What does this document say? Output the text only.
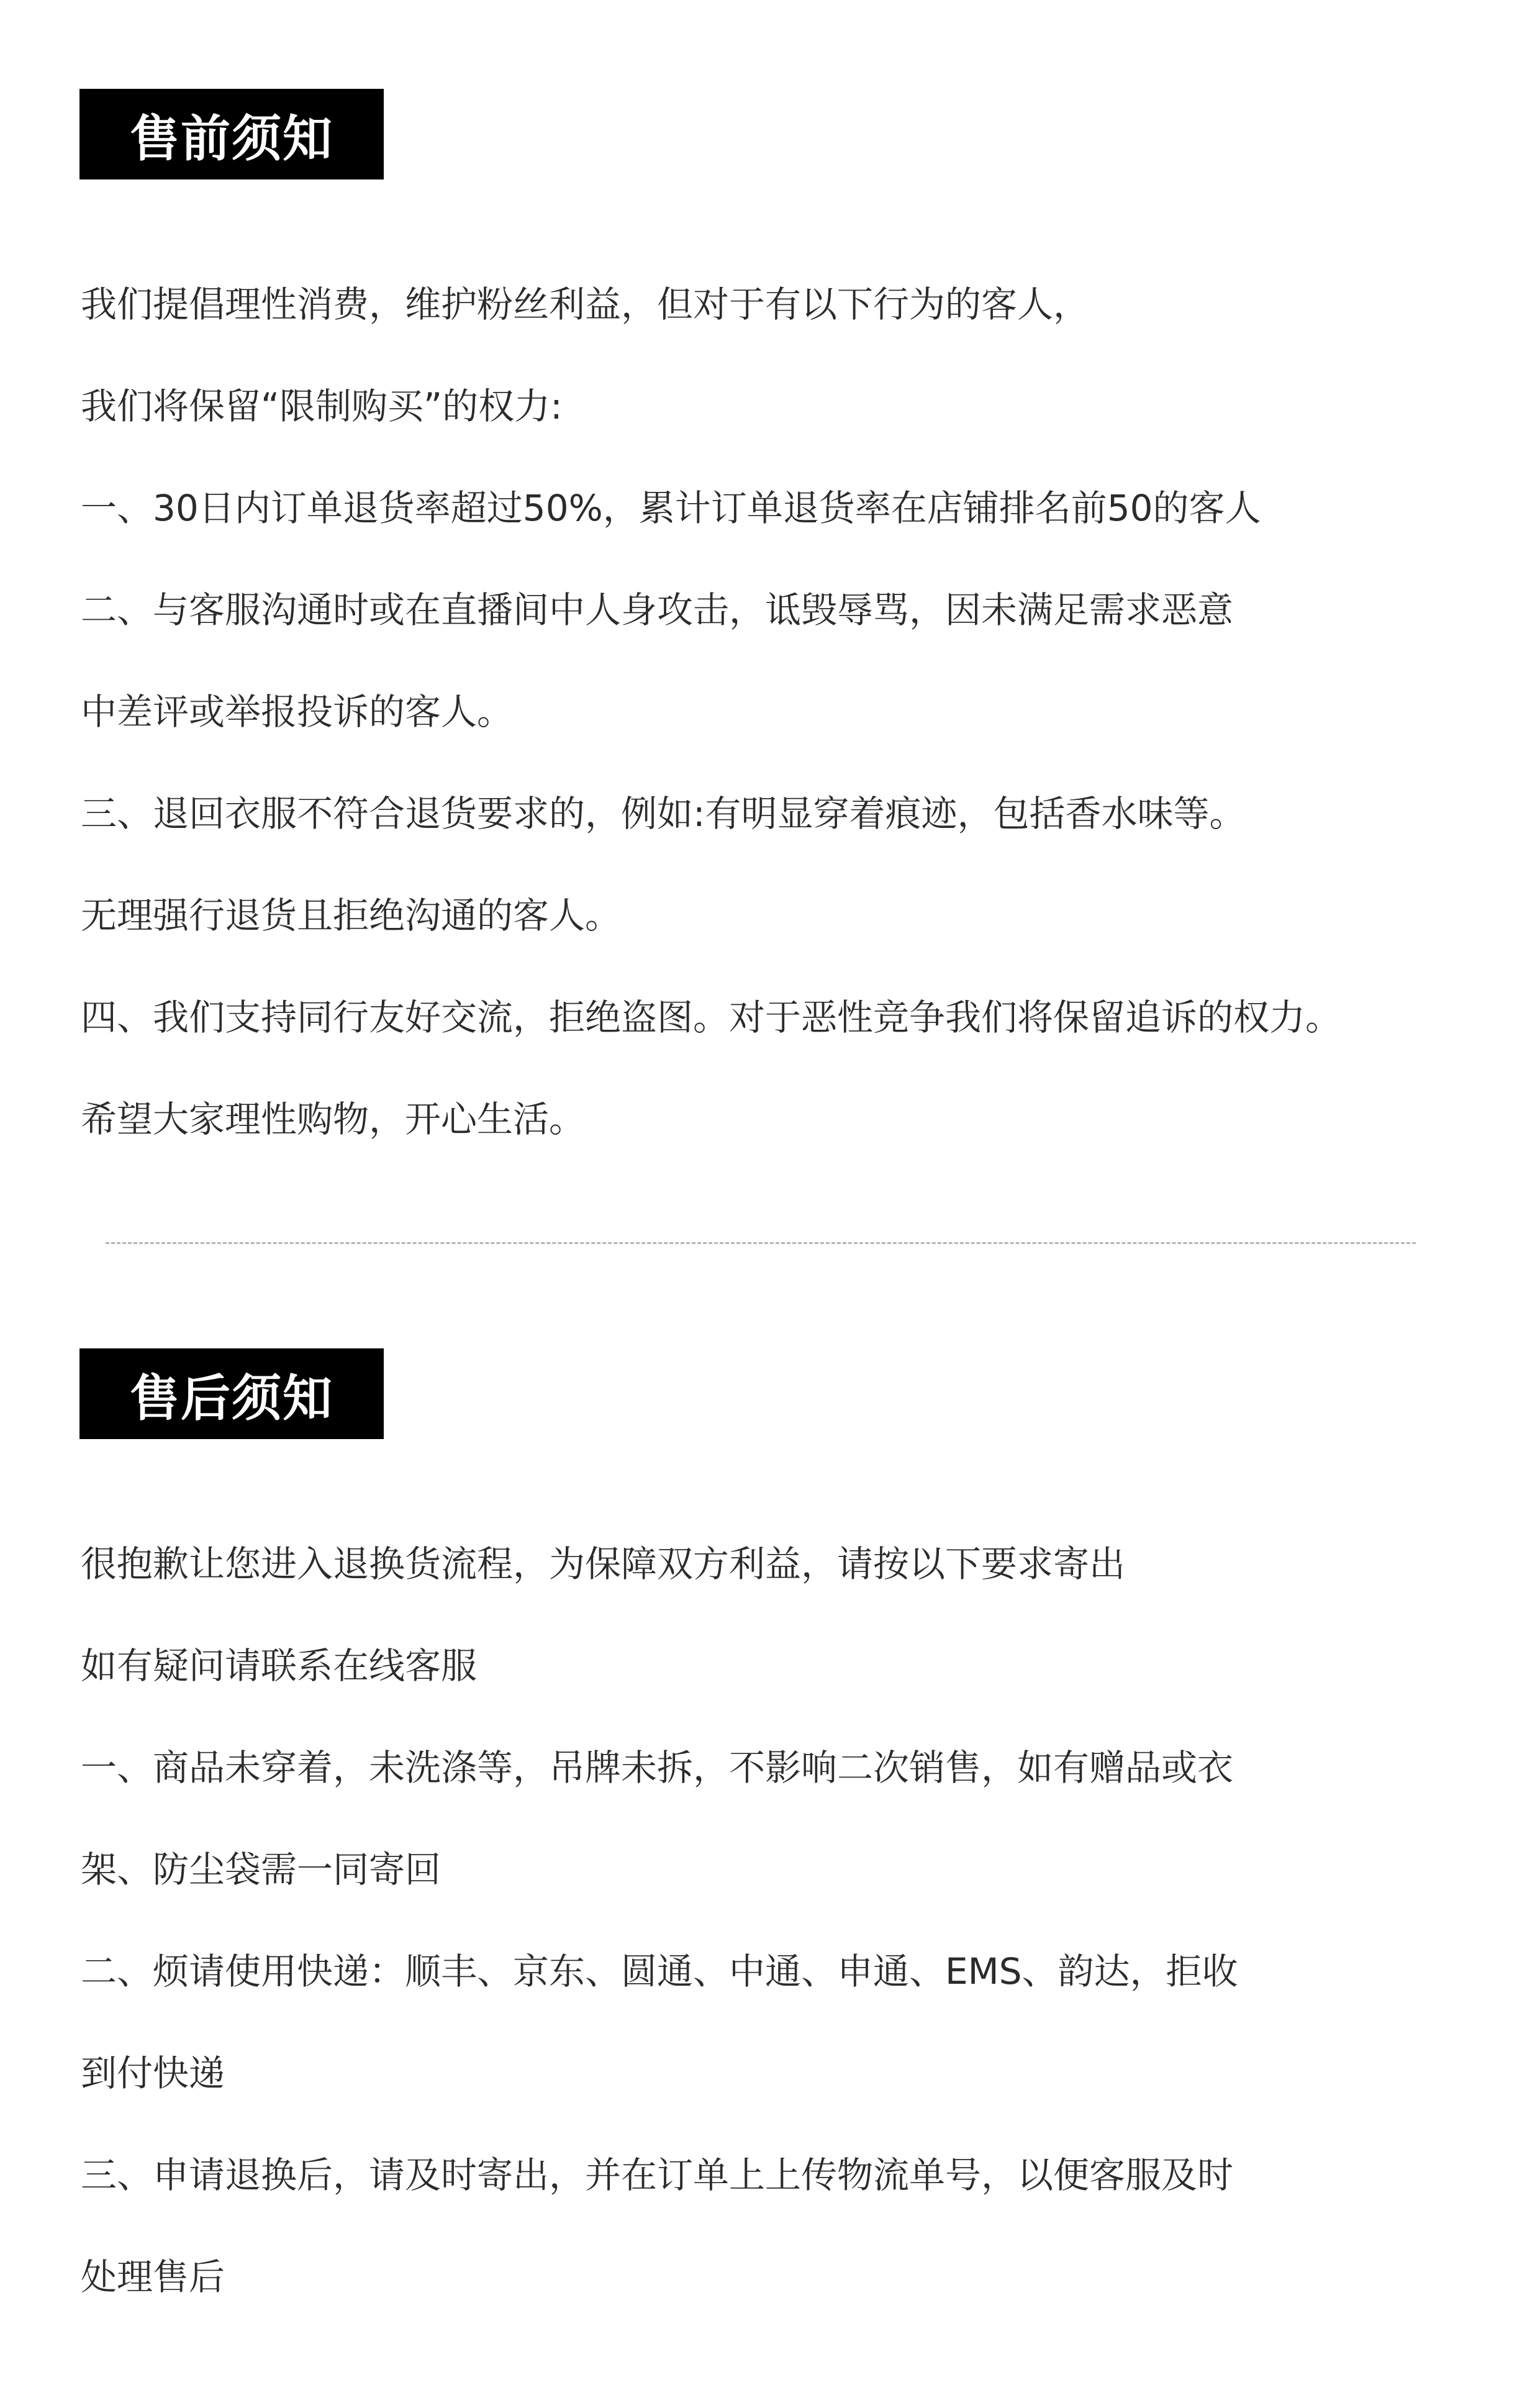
售前须知
我们提倡理性消费，维护粉丝利益，但对于有以下行为的客人，
我们将保留“限制购买”的权力:
一、30日内订单退货率超过50%，累计订单退货率在店铺排名前50的客人
二、与客服沟通时或在直播间中人身攻击，诋毁辱骂，因未满足需求恶意
中差评或举报投诉的客人。
三、退回衣服不符合退货要求的，例如:有明显穿着痕迹，包括香水味等。
无理强行退货且拒绝沟通的客人。
四、我们支持同行友好交流，拒绝盗图。对于恶性竞争我们将保留追诉的权力。
希望大家理性购物，开心生活。
售后须知
很抱歉让您进入退换货流程，为保障双方利益，请按以下要求寄出
如有疑问请联系在线客服
一、商品未穿着，未洗涤等，吊牌未拆，不影响二次销售，如有赠品或衣
架、防尘袋需一同寄回
二、烦请使用快递：顺丰、京东、圆通、中通、申通、EMS、韵达，拒收
到付快递
三、申请退换后，请及时寄出，并在订单上上传物流单号，以便客服及时
处理售后
